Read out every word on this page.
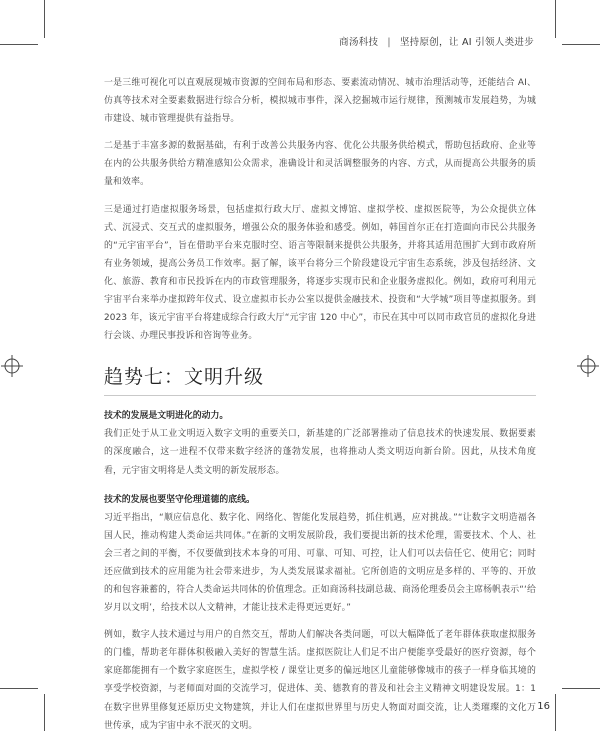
商汤科技 | 坚持原创，让 AI 引领人类进步

一是三维可视化可以直观展现城市资源的空间布局和形态、要素流动情况、城市治理活动等，还能结合 AI、仿真等技术对全要素数据进行综合分析，模拟城市事件，深入挖掘城市运行规律，预测城市发展趋势，为城市建设、城市管理提供有益指导。

二是基于丰富多源的数据基础，有利于改善公共服务内容、优化公共服务供给模式，帮助包括政府、企业等在内的公共服务供给方精准感知公众需求，准确设计和灵活调整服务的内容、方式，从而提高公共服务的质量和效率。

三是通过打造虚拟服务场景，包括虚拟行政大厅、虚拟文博馆、虚拟学校、虚拟医院等，为公众提供立体式、沉浸式、交互式的虚拟服务，增强公众的服务体验和感受。例如，韩国首尔正在打造面向市民公共服务的“元宇宙平台”，旨在借助平台来克服时空、语言等限制来提供公共服务，并将其适用范围扩大到市政府所有业务领域，提高公务员工作效率。据了解，该平台将分三个阶段建设元宇宙生态系统，涉及包括经济、文化、旅游、教育和市民投诉在内的市政管理服务，将逐步实现市民和企业服务虚拟化。例如，政府可利用元宇宙平台来举办虚拟跨年仪式、设立虚拟市长办公室以提供金融技术、投资和“大学城”项目等虚拟服务。到 2023 年，该元宇宙平台将建成综合行政大厅“元宇宙 120 中心”，市民在其中可以同市政官员的虚拟化身进行会谈、办理民事投诉和咨询等业务。

趋势七：文明升级

技术的发展是文明进化的动力。

我们正处于从工业文明迈入数字文明的重要关口，新基建的广泛部署推动了信息技术的快速发展、数据要素的深度融合，这一进程不仅带来数字经济的蓬勃发展，也将推动人类文明迈向新台阶。因此，从技术角度看，元宇宙文明将是人类文明的新发展形态。

技术的发展也要坚守伦理道德的底线。

习近平指出，“顺应信息化、数字化、网络化、智能化发展趋势，抓住机遇，应对挑战。”“让数字文明造福各国人民，推动构建人类命运共同体。”在新的文明发展阶段，我们要提出新的技术伦理，需要技术、个人、社会三者之间的平衡，不仅要做到技术本身的可用、可靠、可知、可控，让人们可以去信任它、使用它；同时还应做到技术的应用能为社会带来进步，为人类发展谋求福祉。它所创造的文明应是多样的、平等的、开放的和包容兼蓄的，符合人类命运共同体的价值理念。正如商汤科技副总裁、商汤伦理委员会主席杨帆表示“‘给岁月以文明’，给技术以人文精神，才能让技术走得更远更好。”

例如，数字人技术通过与用户的自然交互，帮助人们解决各类问题，可以大幅降低了老年群体获取虚拟服务的门槛，帮助老年群体积极融入美好的智慧生活。虚拟医院让人们足不出户便能享受最好的医疗资源，每个家庭都能拥有一个数字家庭医生，虚拟学校 / 课堂让更多的偏远地区儿童能够像城市的孩子一样身临其境的享受学校资源，与老师面对面的交流学习，促进体、美、德教育的普及和社会主义精神文明建设发展。1：1 在数字世界里修复还原历史文物建筑，并让人们在虚拟世界里与历史人物面对面交流，让人类璀璨的文化万世传承，成为宇宙中永不泯灭的文明。

16
